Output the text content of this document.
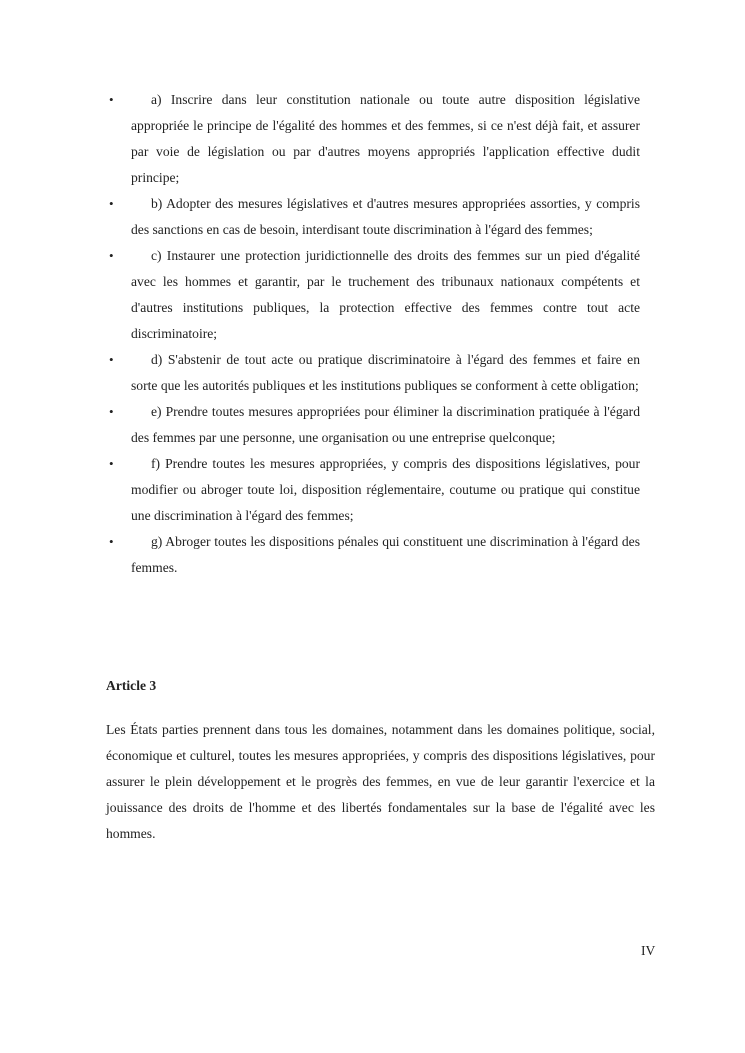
•	a) Inscrire dans leur constitution nationale ou toute autre disposition législative appropriée le principe de l'égalité des hommes et des femmes, si ce n'est déjà fait, et assurer par voie de législation ou par d'autres moyens appropriés l'application effective dudit principe;
•	b) Adopter des mesures législatives et d'autres mesures appropriées assorties, y compris des sanctions en cas de besoin, interdisant toute discrimination à l'égard des femmes;
•	c) Instaurer une protection juridictionnelle des droits des femmes sur un pied d'égalité avec les hommes et garantir, par le truchement des tribunaux nationaux compétents et d'autres institutions publiques, la protection effective des femmes contre tout acte discriminatoire;
•	d) S'abstenir de tout acte ou pratique discriminatoire à l'égard des femmes et faire en sorte que les autorités publiques et les institutions publiques se conforment à cette obligation;
•	e) Prendre toutes mesures appropriées pour éliminer la discrimination pratiquée à l'égard des femmes par une personne, une organisation ou une entreprise quelconque;
•	f) Prendre toutes les mesures appropriées, y compris des dispositions législatives, pour modifier ou abroger toute loi, disposition réglementaire, coutume ou pratique qui constitue une discrimination à l'égard des femmes;
•	g) Abroger toutes les dispositions pénales qui constituent une discrimination à l'égard des femmes.
Article 3

Les États parties prennent dans tous les domaines, notamment dans les domaines politique, social, économique et culturel, toutes les mesures appropriées, y compris des dispositions législatives, pour assurer le plein développement et le progrès des femmes, en vue de leur garantir l'exercice et la jouissance des droits de l'homme et des libertés fondamentales sur la base de l'égalité avec les hommes.

IV
